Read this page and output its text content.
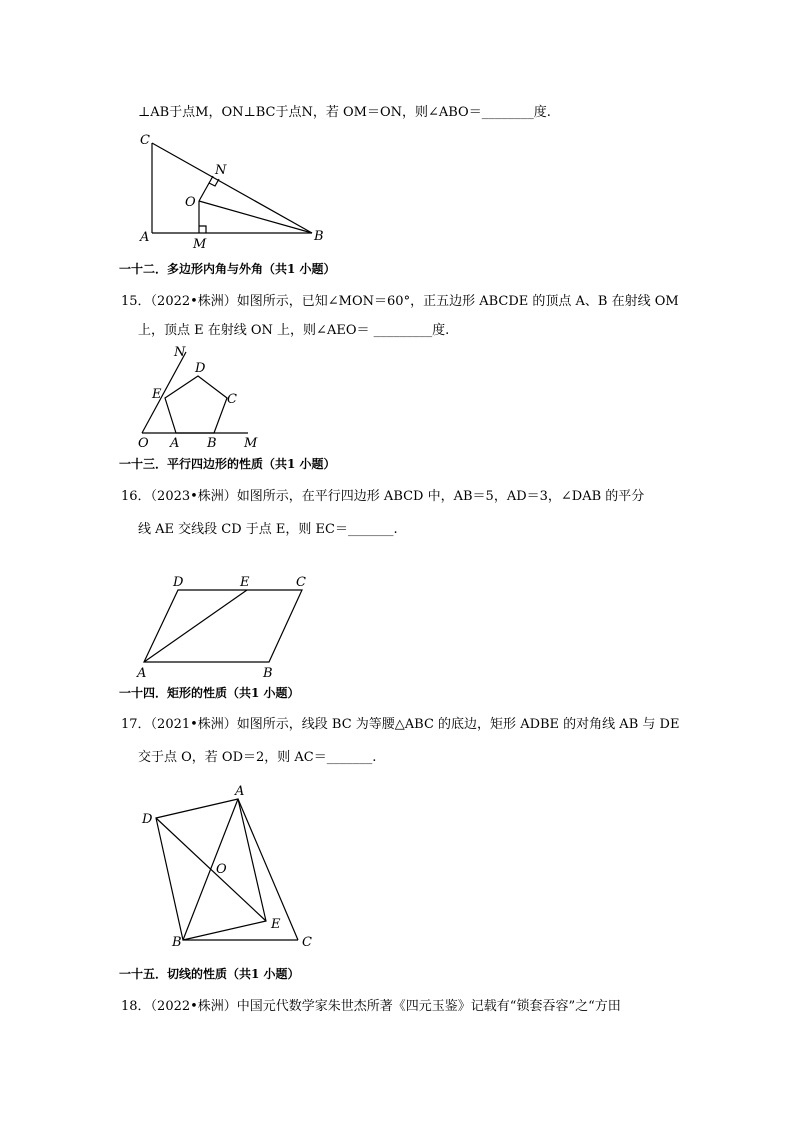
⊥AB于点M，ON⊥BC于点N，若 OM＝ON，则∠ABO＝________度.
C
N
O
A	M
B
一十二．多边形内角与外角（共1 小题）
15．（2022•株洲）如图所示，已知∠MON＝60°，正五边形 ABCDE 的顶点 A、B 在射线 OM
上，顶点 E 在射线 ON 上，则∠AEO＝ _________度.
N
D
E	C
O A B M
一十三．平行四边形的性质（共1 小题）
16．（2023•株洲）如图所示，在平行四边形 ABCD 中，AB＝5，AD＝3，∠DAB 的平分
线 AE 交线段 CD 于点 E，则 EC＝_______.
D	E	C
A	B
一十四．矩形的性质（共1 小题）
17．（2021•株洲）如图所示，线段 BC 为等腰△ABC 的底边，矩形 ADBE 的对角线 AB 与 DE
交于点 O，若 OD＝2，则 AC＝_______.
A
D
O
E
B	C
一十五．切线的性质（共1 小题）
18．（2022•株洲）中国元代数学家朱世杰所著《四元玉鉴》记载有“锁套吞容”之“方田
